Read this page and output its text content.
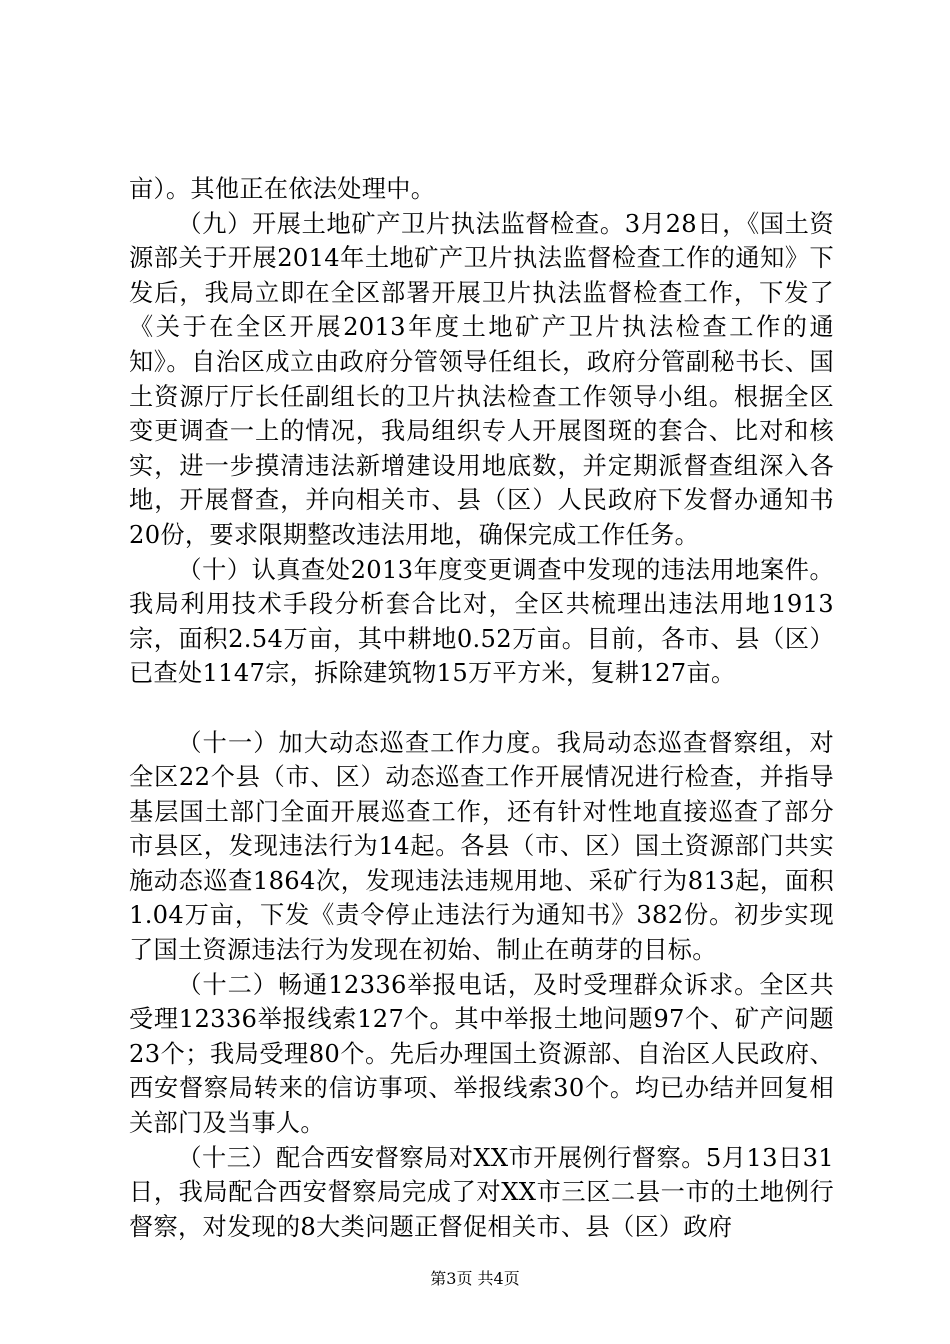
亩）。其他正在依法处理中。

（九）开展土地矿产卫片执法监督检查。3月28日，《国土资源部关于开展2014年土地矿产卫片执法监督检查工作的通知》下发后，我局立即在全区部署开展卫片执法监督检查工作，下发了《关于在全区开展2013年度土地矿产卫片执法检查工作的通知》。自治区成立由政府分管领导任组长，政府分管副秘书长、国土资源厅厅长任副组长的卫片执法检查工作领导小组。根据全区变更调查一上的情况，我局组织专人开展图斑的套合、比对和核实，进一步摸清违法新增建设用地底数，并定期派督查组深入各地，开展督查，并向相关市、县（区）人民政府下发督办通知书20份，要求限期整改违法用地，确保完成工作任务。

（十）认真查处2013年度变更调查中发现的违法用地案件。我局利用技术手段分析套合比对，全区共梳理出违法用地1913宗，面积2.54万亩，其中耕地0.52万亩。目前，各市、县（区）已查处1147宗，拆除建筑物15万平方米，复耕127亩。

（十一）加大动态巡查工作力度。我局动态巡查督察组，对全区22个县（市、区）动态巡查工作开展情况进行检查，并指导基层国土部门全面开展巡查工作，还有针对性地直接巡查了部分市县区，发现违法行为14起。各县（市、区）国土资源部门共实施动态巡查1864次，发现违法违规用地、采矿行为813起，面积1.04万亩，下发《责令停止违法行为通知书》382份。初步实现了国土资源违法行为发现在初始、制止在萌芽的目标。

（十二）畅通12336举报电话，及时受理群众诉求。全区共受理12336举报线索127个。其中举报土地问题97个、矿产问题23个；我局受理80个。先后办理国土资源部、自治区人民政府、西安督察局转来的信访事项、举报线索30个。均已办结并回复相关部门及当事人。

（十三）配合西安督察局对XX市开展例行督察。5月13日31日，我局配合西安督察局完成了对XX市三区二县一市的土地例行督察，对发现的8大类问题正督促相关市、县（区）政府

第3页 共4页
